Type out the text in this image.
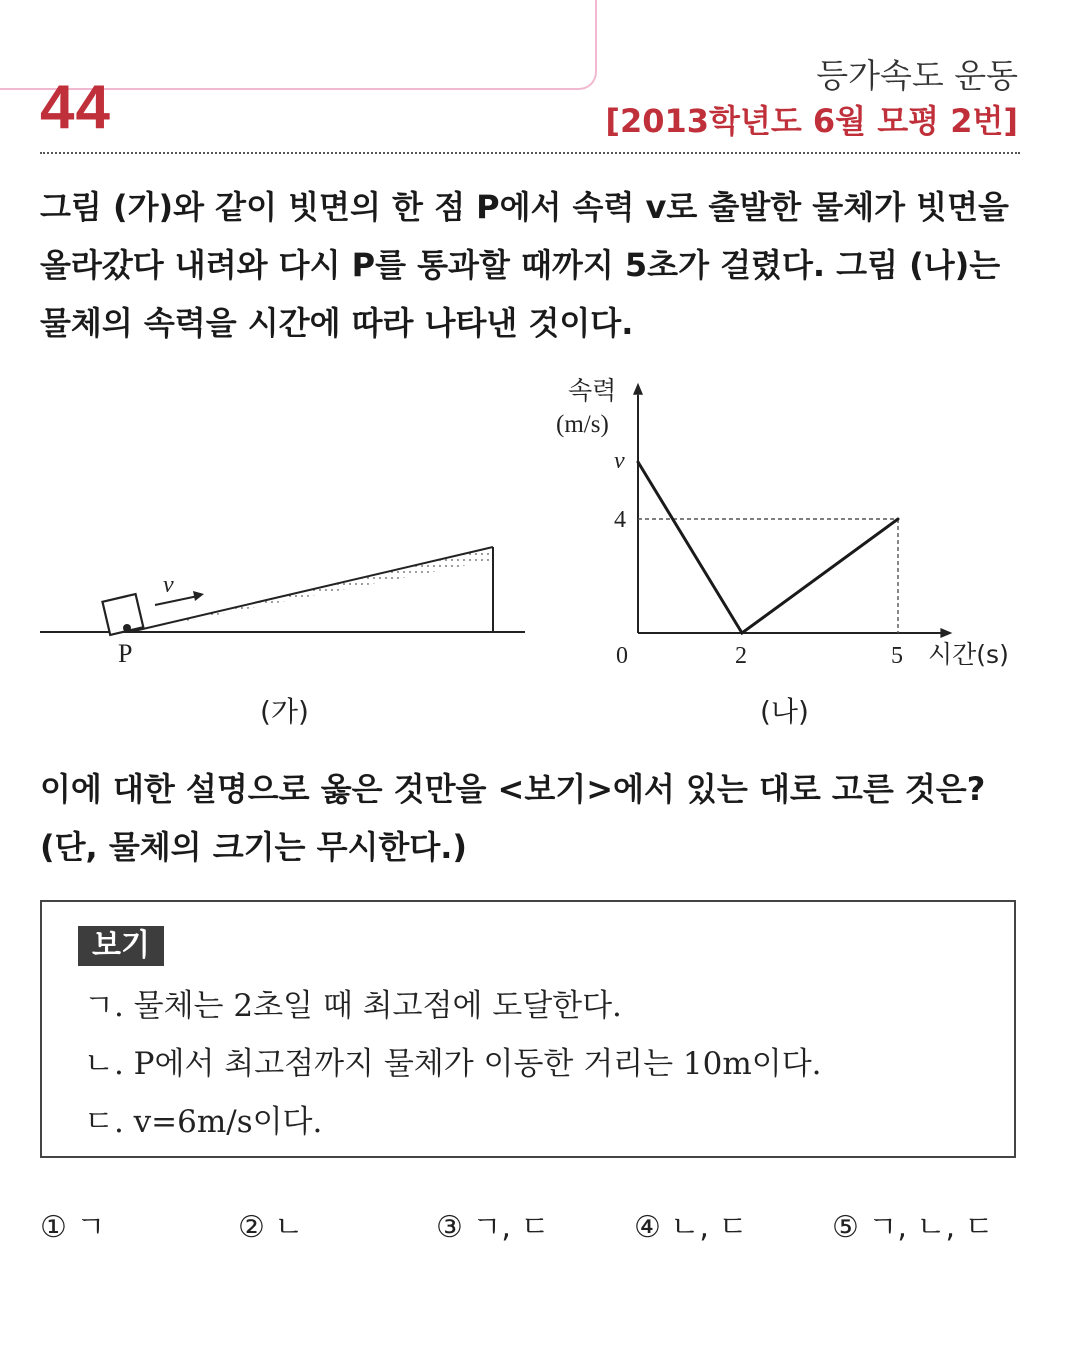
44	등가속도 운동
[2013학년도 6월 모평 2번]
그림 (가)와 같이 빗면의 한 점 P에서 속력 v로 출발한 물체가 빗면을
올라갔다 내려와 다시 P를 통과할 때까지 5초가 걸렸다. 그림 (나)는
물체의 속력을 시간에 따라 나타낸 것이다.
v
P
(가)
속력
(m/s)
시간(s)
0	2	5
v
4
(나)
이에 대한 설명으로 옳은 것만을 <보기>에서 있는 대로 고른 것은?
(단, 물체의 크기는 무시한다.)
보기
ㄱ. 물체는 2초일 때 최고점에 도달한다.
ㄴ. P에서 최고점까지 물체가 이동한 거리는 10m이다.
ㄷ. v=6m/s이다.
① ㄱ	② ㄴ	③ ㄱ, ㄷ	④ ㄴ, ㄷ	⑤ ㄱ, ㄴ, ㄷ
